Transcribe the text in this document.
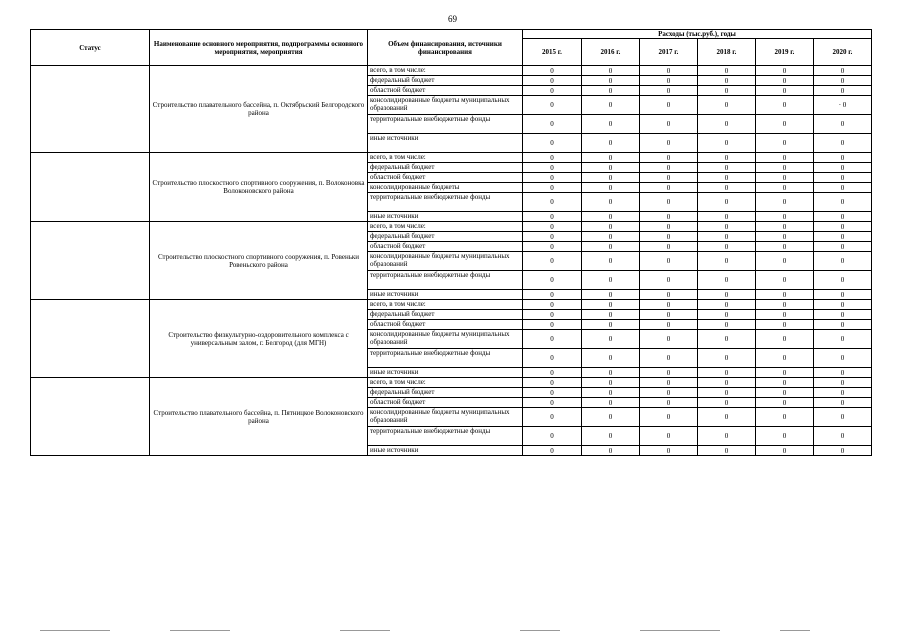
69
Статус	Наименование основного мероприятия, подпрограммы основного мероприятия, мероприятия	Объем финансирования, источники финансирования	Расходы (тыс.руб.), годы					
			2015 г.	2016 г.	2017 г.	2018 г.	2019 г.	2020 г.
	Строительство плавательного бассейна, п. Октябрьский Белгородского района	всего, в том числе:	0	0	0	0	0	0
		федеральный бюджет	0	0	0	0	0	0
		областной бюджет	0	0	0	0	0	0
		консолидированные бюджеты муниципальных образований	0	0	0	0	0	· 0
		территориальные внебюджетные фонды	0	0	0	0	0	0
		иные источники	0	0	0	0	0	0
	Строительство плоскостного спортивного сооружения, п. Волоконовка Волоконовского района	всего, в том числе:	0	0	0	0	0	0
		федеральный бюджет	0	0	0	0	0	0
		областной бюджет	0	0	0	0	0	0
		консолидированные бюджеты	0	0	0	0	0	0
		территориальные внебюджетные фонды	0	0	0	0	0	0
		иные источники	0	0	0	0	0	0
	Строительство плоскостного спортивного сооружения, п. Ровеньки Ровеньского района	всего, в том числе:	0	0	0	0	0	0
		федеральный бюджет	0	0	0	0	0	0
		областной бюджет	0	0	0	0	0	0
		консолидированные бюджеты муниципальных образований	0	0	0	0	0	0
		территориальные внебюджетные фонды	0	0	0	0	0	0
		иные источники	0	0	0	0	0	0
	Строительство физкультурно-оздоровительного комплекса с универсальным залом, г. Белгород (для МГН)	всего, в том числе:	0	0	0	0	0	0
		федеральный бюджет	0	0	0	0	0	0
		областной бюджет	0	0	0	0	0	0
		консолидированные бюджеты муниципальных образований	0	0	0	0	0	0
		территориальные внебюджетные фонды	0	0	0	0	0	0
		иные источники	0	0	0	0	0	0
	Строительство плавательного бассейна, п. Пятницкое Волоконовского района	всего, в том числе:	0	0	0	0	0	0
		федеральный бюджет	0	0	0	0	0	0
		областной бюджет	0	0	0	0	0	0
		консолидированные бюджеты муниципальных образований	0	0	0	0	0	0
		территориальные внебюджетные фонды	0	0	0	0	0	0
		иные источники	0	0	0	0	0	0
